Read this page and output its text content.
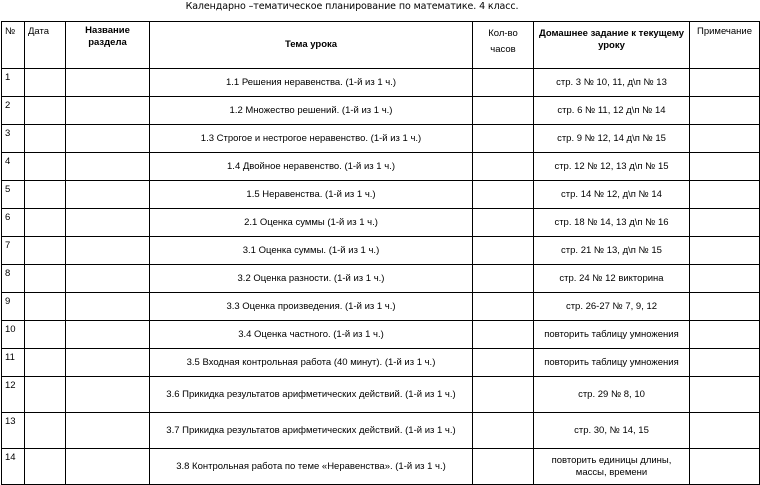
Календарно –тематическое планирование по математике. 4 класс.
№	Дата	Название раздела	Тема урока	Кол-во часов	Домашнее задание к текущему уроку	Примечание
1			1.1 Решения неравенства. (1-й из 1 ч.)		стр. 3 № 10, 11, д\п № 13	
2			1.2 Множество решений. (1-й из 1 ч.)		стр. 6 № 11, 12 д\п № 14	
3			1.3 Строгое и нестрогое неравенство. (1-й из 1 ч.)		стр. 9 № 12, 14 д\п № 15	
4			1.4 Двойное неравенство. (1-й из 1 ч.)		стр. 12 № 12, 13 д\п № 15	
5			1.5 Неравенства. (1-й из 1 ч.)		стр. 14 № 12, д\п № 14	
6			2.1 Оценка суммы (1-й из 1 ч.)		стр. 18 № 14, 13 д\п № 16	
7			3.1 Оценка суммы. (1-й из 1 ч.)		стр. 21 № 13, д\п № 15	
8			3.2 Оценка разности. (1-й из 1 ч.)		стр. 24 № 12 викторина	
9			3.3 Оценка произведения. (1-й из 1 ч.)		стр. 26-27 № 7, 9, 12	
10			3.4 Оценка частного. (1-й из 1 ч.)		повторить таблицу умножения	
11			3.5 Входная контрольная работа (40 минут). (1-й из 1 ч.)		повторить таблицу умножения	
12			3.6 Прикидка результатов арифметических действий. (1-й из 1 ч.)		стр. 29 № 8, 10	
13			3.7 Прикидка результатов арифметических действий. (1-й из 1 ч.)		стр. 30, № 14, 15	
14			3.8 Контрольная работа по теме «Неравенства». (1-й из 1 ч.)		повторить единицы длины, массы, времени	
